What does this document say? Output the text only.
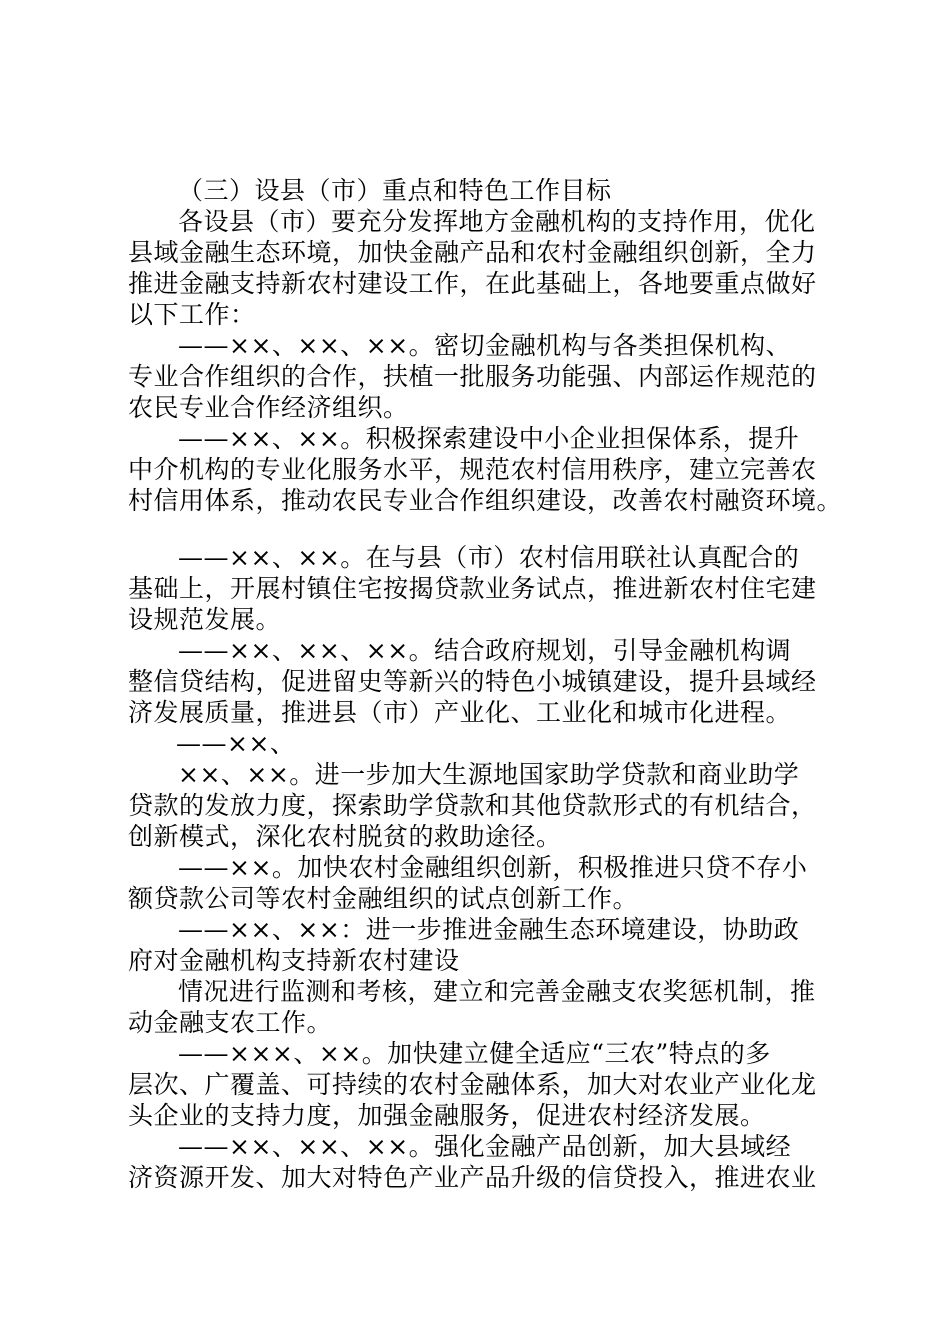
（三）设县（市）重点和特色工作目标
各设县（市）要充分发挥地方金融机构的支持作用，优化
县域金融生态环境，加快金融产品和农村金融组织创新，全力
推进金融支持新农村建设工作，在此基础上，各地要重点做好
以下工作：
——××、××、××。密切金融机构与各类担保机构、
专业合作组织的合作，扶植一批服务功能强、内部运作规范的
农民专业合作经济组织。
——××、××。积极探索建设中小企业担保体系，提升
中介机构的专业化服务水平，规范农村信用秩序，建立完善农
村信用体系，推动农民专业合作组织建设，改善农村融资环境。
——××、××。在与县（市）农村信用联社认真配合的
基础上，开展村镇住宅按揭贷款业务试点，推进新农村住宅建
设规范发展。
——××、××、××。结合政府规划，引导金融机构调
整信贷结构，促进留史等新兴的特色小城镇建设，提升县域经
济发展质量，推进县（市）产业化、工业化和城市化进程。
——××、
××、××。进一步加大生源地国家助学贷款和商业助学
贷款的发放力度，探索助学贷款和其他贷款形式的有机结合，
创新模式，深化农村脱贫的救助途径。
——××。加快农村金融组织创新，积极推进只贷不存小
额贷款公司等农村金融组织的试点创新工作。
——××、××：进一步推进金融生态环境建设，协助政
府对金融机构支持新农村建设
情况进行监测和考核，建立和完善金融支农奖惩机制，推
动金融支农工作。
——×××、××。加快建立健全适应“三农”特点的多
层次、广覆盖、可持续的农村金融体系，加大对农业产业化龙
头企业的支持力度，加强金融服务，促进农村经济发展。
——××、××、××。强化金融产品创新，加大县域经
济资源开发、加大对特色产业产品升级的信贷投入，推进农业
